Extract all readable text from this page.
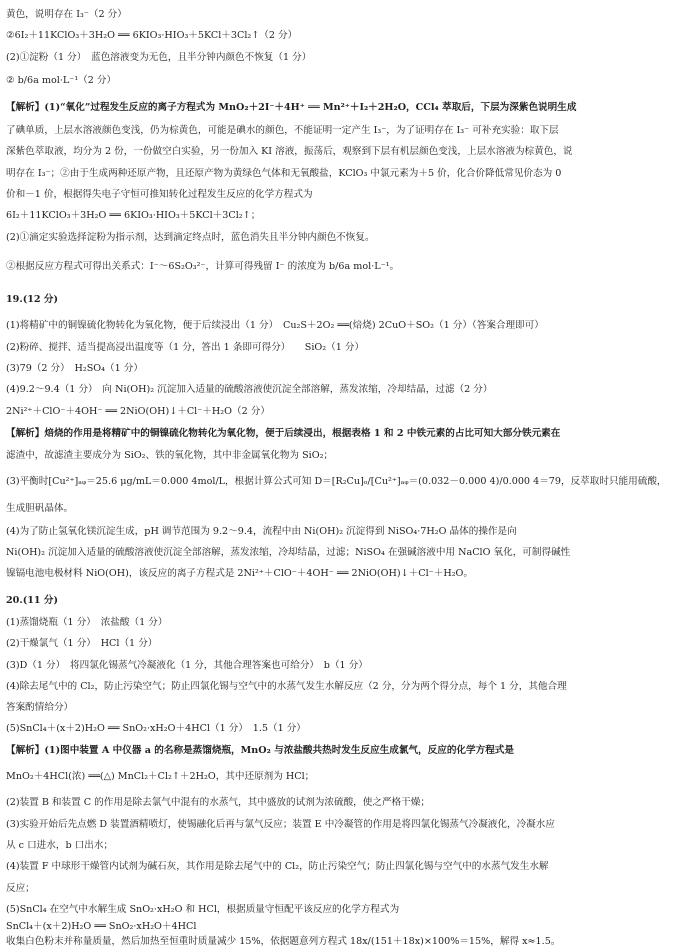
黄色，说明存在 I₃⁻（2 分）
②6I₂＋11KClO₃＋3H₂O ══ 6KIO₃·HIO₃＋5KCl＋3Cl₂↑（2 分）
(2)①淀粉（1 分）　蓝色溶液变为无色，且半分钟内颜色不恢复（1 分）
② b/6a mol·L⁻¹（2 分）
【解析】(1)“氧化”过程发生反应的离子方程式为 MnO₂＋2I⁻＋4H⁺ ══ Mn²⁺＋I₂＋2H₂O，CCl₄ 萃取后，下层为深紫色说明生成
了碘单质，上层水溶液颜色变浅，仍为棕黄色，可能是碘水的颜色，不能证明一定产生 I₃⁻，为了证明存在 I₃⁻ 可补充实验：取下层
深紫色萃取液，均分为 2 份，一份做空白实验，另一份加入 KI 溶液，振荡后，观察到下层有机层颜色变浅，上层水溶液为棕黄色，说
明存在 I₃⁻；②由于生成两种还原产物，且还原产物为黄绿色气体和无氧酸盐，KClO₃ 中氯元素为＋5 价，化合价降低常见价态为 0
价和－1 价，根据得失电子守恒可推知转化过程发生反应的化学方程式为
6I₂＋11KClO₃＋3H₂O ══ 6KIO₃·HIO₃＋5KCl＋3Cl₂↑；
(2)①滴定实验选择淀粉为指示剂，达到滴定终点时，蓝色消失且半分钟内颜色不恢复。
②根据反应方程式可得出关系式：I⁻～6S₂O₃²⁻，计算可得残留 I⁻ 的浓度为 b/6a mol·L⁻¹。
19.(12 分)
(1)将精矿中的铜镍硫化物转化为氧化物，便于后续浸出（1 分）　Cu₂S＋2O₂ ══(焙烧) 2CuO＋SO₂（1 分）（答案合理即可）
(2)粉碎、搅拌、适当提高浸出温度等（1 分，答出 1 条即可得分）　　SiO₂（1 分）
(3)79（2 分）　H₂SO₄（1 分）
(4)9.2～9.4（1 分）　向 Ni(OH)₂ 沉淀加入适量的硫酸溶液使沉淀全部溶解，蒸发浓缩，冷却结晶，过滤（2 分）
2Ni²⁺＋ClO⁻＋4OH⁻ ══ 2NiO(OH)↓＋Cl⁻＋H₂O（2 分）
【解析】焙烧的作用是将精矿中的铜镍硫化物转化为氧化物，便于后续浸出，根据表格 1 和 2 中铁元素的占比可知大部分铁元素在
滤渣中，故滤渣主要成分为 SiO₂、铁的氧化物，其中非金属氧化物为 SiO₂；
(3)平衡时[Cu²⁺]ₐᵩ＝25.6 μg/mL＝0.000 4mol/L，根据计算公式可知 D＝[R₂Cu]ₒ/[Cu²⁺]ₐᵩ＝(0.032－0.000 4)/0.000 4＝79，反萃取时只能用硫酸，
生成胆矾晶体。
(4)为了防止氢氧化镁沉淀生成，pH 调节范围为 9.2～9.4，流程中由 Ni(OH)₂ 沉淀得到 NiSO₄·7H₂O 晶体的操作是向
Ni(OH)₂ 沉淀加入适量的硫酸溶液使沉淀全部溶解，蒸发浓缩，冷却结晶，过滤；NiSO₄ 在强碱溶液中用 NaClO 氧化，可制得碱性
镍镉电池电极材料 NiO(OH)，该反应的离子方程式是 2Ni²⁺＋ClO⁻＋4OH⁻ ══ 2NiO(OH)↓＋Cl⁻＋H₂O。
20.(11 分)
(1)蒸馏烧瓶（1 分）　浓盐酸（1 分）
(2)干燥氯气（1 分）　HCl（1 分）
(3)D（1 分）　将四氯化锡蒸气冷凝液化（1 分，其他合理答案也可给分）　b（1 分）
(4)除去尾气中的 Cl₂，防止污染空气；防止四氯化锡与空气中的水蒸气发生水解反应（2 分，分为两个得分点，每个 1 分，其他合理
答案酌情给分）
(5)SnCl₄＋(x＋2)H₂O ══ SnO₂·xH₂O＋4HCl（1 分）　1.5（1 分）
【解析】(1)图中装置 A 中仪器 a 的名称是蒸馏烧瓶，MnO₂ 与浓盐酸共热时发生反应生成氯气，反应的化学方程式是
MnO₂＋4HCl(浓) ══(△) MnCl₂＋Cl₂↑＋2H₂O，其中还原剂为 HCl；
(2)装置 B 和装置 C 的作用是除去氯气中混有的水蒸气，其中盛放的试剂为浓硫酸，使之严格干燥；
(3)实验开始后先点燃 D 装置酒精喷灯，使锡融化后再与氯气反应；装置 E 中冷凝管的作用是将四氯化锡蒸气冷凝液化，冷凝水应
从 c 口进水，b 口出水；
(4)装置 F 中球形干燥管内试剂为碱石灰，其作用是除去尾气中的 Cl₂，防止污染空气；防止四氯化锡与空气中的水蒸气发生水解
反应；
(5)SnCl₄ 在空气中水解生成 SnO₂·xH₂O 和 HCl，根据质量守恒配平该反应的化学方程式为
SnCl₄＋(x＋2)H₂O ══ SnO₂·xH₂O＋4HCl
收集白色粉末并称量质量，然后加热至恒重时质量减少 15%，依据题意列方程式 18x/(151＋18x)×100%＝15%，解得 x≈1.5。
